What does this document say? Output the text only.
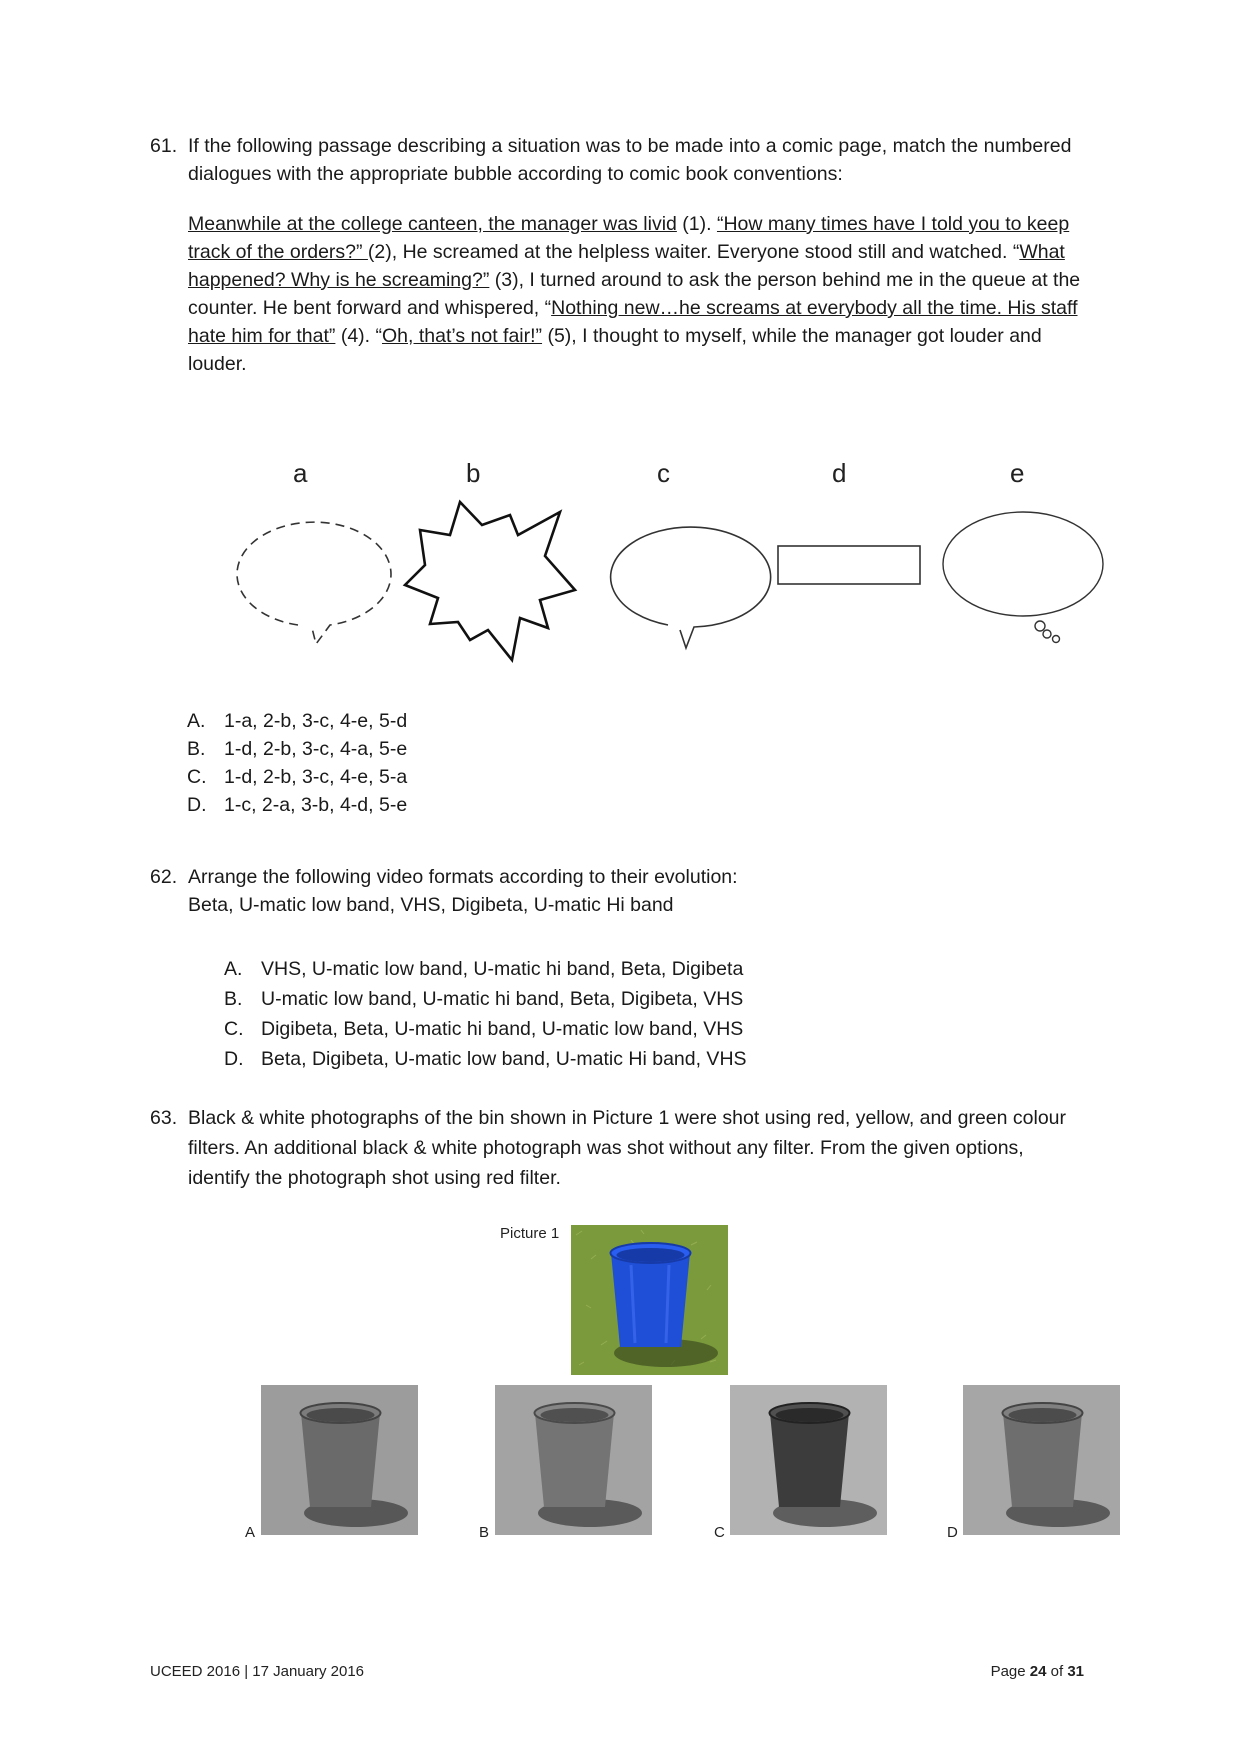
61. If the following passage describing a situation was to be made into a comic page, match the numbered dialogues with the appropriate bubble according to comic book conventions:
Meanwhile at the college canteen, the manager was livid (1). “How many times have I told you to keep track of the orders?” (2), He screamed at the helpless waiter. Everyone stood still and watched. “What happened? Why is he screaming?” (3), I turned around to ask the person behind me in the queue at the counter. He bent forward and whispered, “Nothing new…he screams at everybody all the time. His staff hate him for that” (4). “Oh, that’s not fair!” (5), I thought to myself, while the manager got louder and louder.
a	b	c	d	e
A. 1-a, 2-b, 3-c, 4-e, 5-d
B. 1-d, 2-b, 3-c, 4-a, 5-e
C. 1-d, 2-b, 3-c, 4-e, 5-a
D. 1-c, 2-a, 3-b, 4-d, 5-e
62. Arrange the following video formats according to their evolution:
Beta, U-matic low band, VHS, Digibeta, U-matic Hi band
A. VHS, U-matic low band, U-matic hi band, Beta, Digibeta
B. U-matic low band, U-matic hi band, Beta, Digibeta, VHS
C. Digibeta, Beta, U-matic hi band, U-matic low band, VHS
D. Beta, Digibeta, U-matic low band, U-matic Hi band, VHS
63. Black & white photographs of the bin shown in Picture 1 were shot using red, yellow, and green colour filters. An additional black & white photograph was shot without any filter. From the given options, identify the photograph shot using red filter.
Picture 1
A	B	C	D
UCEED 2016 | 17 January 2016	Page 24 of 31
